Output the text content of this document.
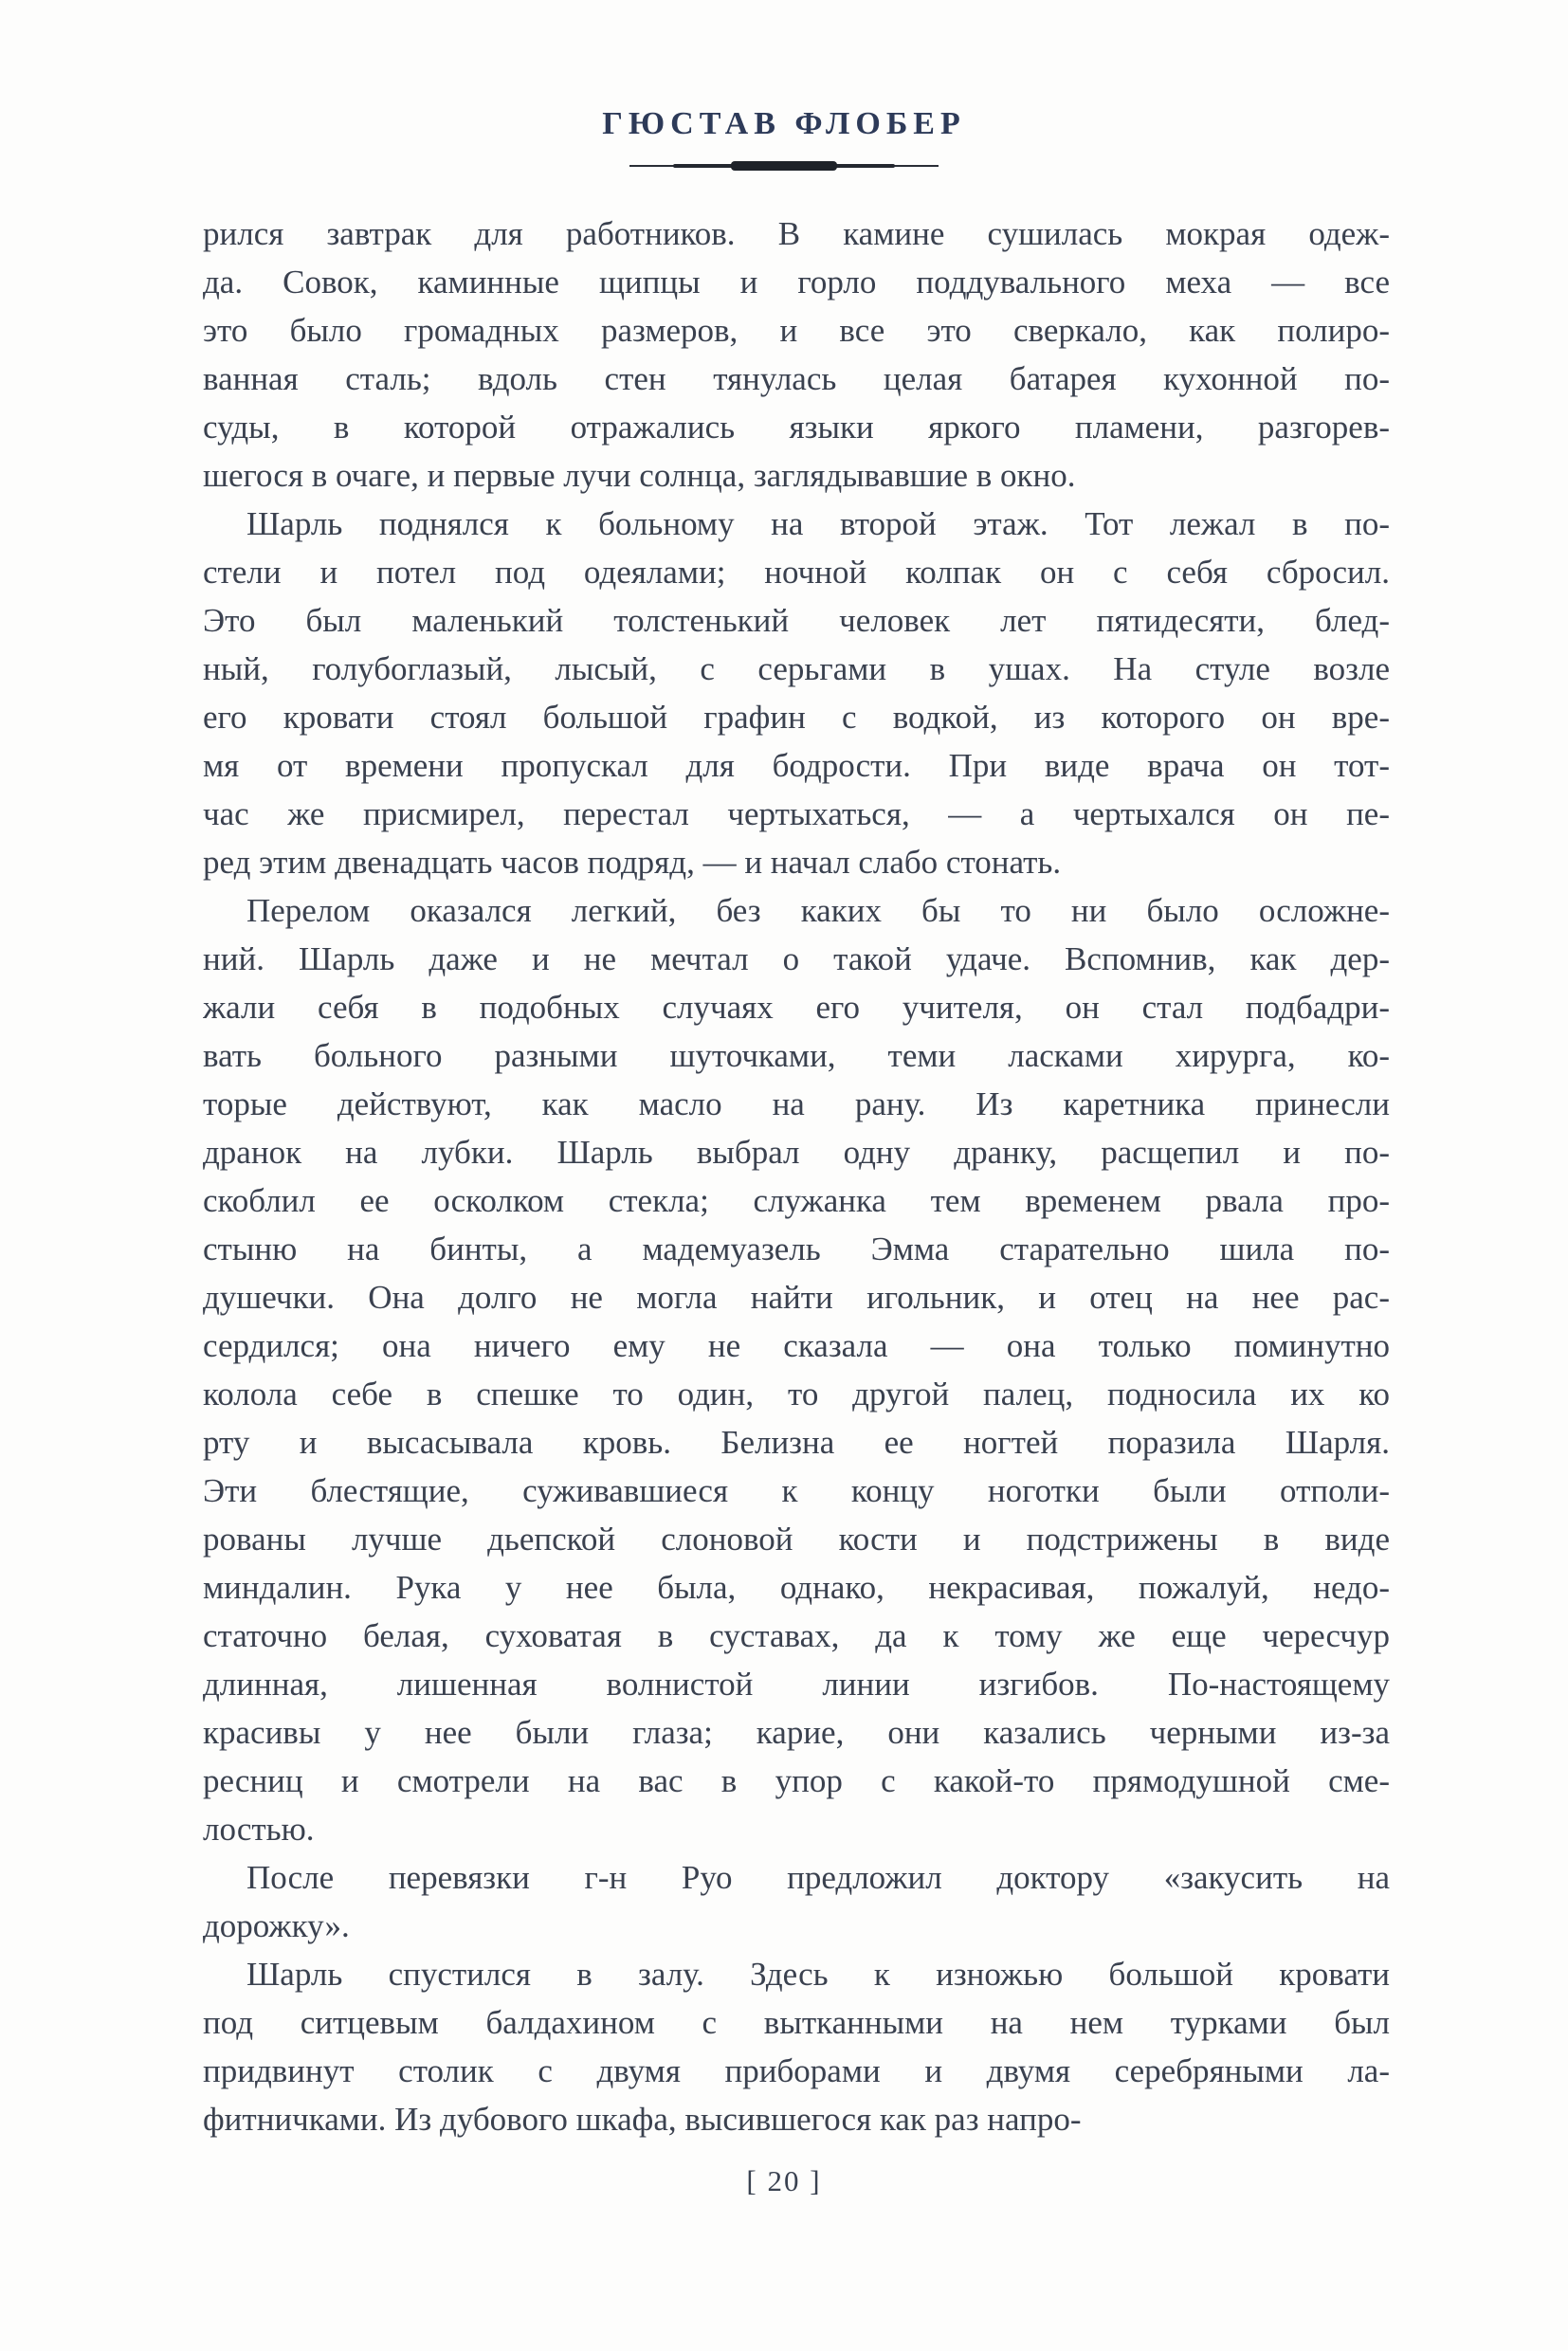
ГЮСТАВ ФЛОБЕР
рился завтрак для работников. В камине сушилась мокрая одеж-
да. Совок, каминные щипцы и горло поддувального меха — все
это было громадных размеров, и все это сверкало, как полиро-
ванная сталь; вдоль стен тянулась целая батарея кухонной по-
суды, в которой отражались языки яркого пламени, разгорев-
шегося в очаге, и первые лучи солнца, заглядывавшие в окно.
Шарль поднялся к больному на второй этаж. Тот лежал в по-
стели и потел под одеялами; ночной колпак он с себя сбросил.
Это был маленький толстенький человек лет пятидесяти, блед-
ный, голубоглазый, лысый, с серьгами в ушах. На стуле возле
его кровати стоял большой графин с водкой, из которого он вре-
мя от времени пропускал для бодрости. При виде врача он тот-
час же присмирел, перестал чертыхаться, — а чертыхался он пе-
ред этим двенадцать часов подряд, — и начал слабо стонать.
Перелом оказался легкий, без каких бы то ни было осложне-
ний. Шарль даже и не мечтал о такой удаче. Вспомнив, как дер-
жали себя в подобных случаях его учителя, он стал подбадри-
вать больного разными шуточками, теми ласками хирурга, ко-
торые действуют, как масло на рану. Из каретника принесли
дранок на лубки. Шарль выбрал одну дранку, расщепил и по-
скоблил ее осколком стекла; служанка тем временем рвала про-
стыню на бинты, а мадемуазель Эмма старательно шила по-
душечки. Она долго не могла найти игольник, и отец на нее рас-
сердился; она ничего ему не сказала — она только поминутно
колола себе в спешке то один, то другой палец, подносила их ко
рту и высасывала кровь. Белизна ее ногтей поразила Шарля.
Эти блестящие, суживавшиеся к концу ноготки были отполи-
рованы лучше дьепской слоновой кости и подстрижены в виде
миндалин. Рука у нее была, однако, некрасивая, пожалуй, недо-
статочно белая, суховатая в суставах, да к тому же еще чересчур
длинная, лишенная волнистой линии изгибов. По-настоящему
красивы у нее были глаза; карие, они казались черными из-за
ресниц и смотрели на вас в упор с какой-то прямодушной сме-
лостью.
После перевязки г-н Руо предложил доктору «закусить на
дорожку».
Шарль спустился в залу. Здесь к изножью большой кровати
под ситцевым балдахином с вытканными на нем турками был
придвинут столик с двумя приборами и двумя серебряными ла-
фитничками. Из дубового шкафа, высившегося как раз напро-
[ 20 ]
